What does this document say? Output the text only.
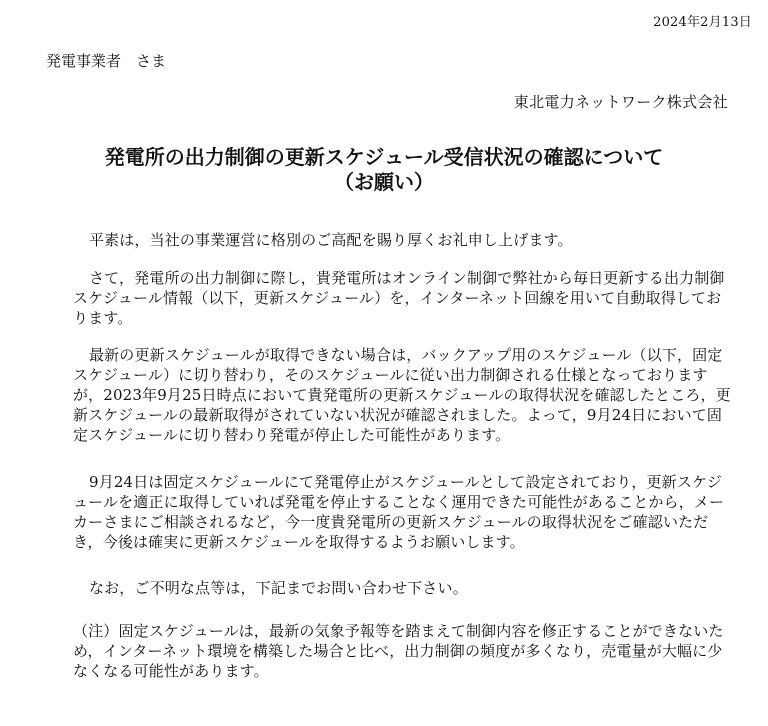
2024年2月13日
発電事業者　さま
東北電力ネットワーク株式会社
発電所の出力制御の更新スケジュール受信状況の確認について
（お願い）

平素は，当社の事業運営に格別のご高配を賜り厚くお礼申し上げます。

さて，発電所の出力制御に際し，貴発電所はオンライン制御で弊社から毎日更新する出力制御スケジュール情報（以下，更新スケジュール）を，インターネット回線を用いて自動取得しております。

最新の更新スケジュールが取得できない場合は，バックアップ用のスケジュール（以下，固定スケジュール）に切り替わり，そのスケジュールに従い出力制御される仕様となっておりますが，2023年9月25日時点において貴発電所の更新スケジュールの取得状況を確認したところ，更新スケジュールの最新取得がされていない状況が確認されました。よって，9月24日において固定スケジュールに切り替わり発電が停止した可能性があります。

9月24日は固定スケジュールにて発電停止がスケジュールとして設定されており，更新スケジュールを適正に取得していれば発電を停止することなく運用できた可能性があることから，メーカーさまにご相談されるなど，今一度貴発電所の更新スケジュールの取得状況をご確認いただき，今後は確実に更新スケジュールを取得するようお願いします。

なお，ご不明な点等は，下記までお問い合わせ下さい。

（注）固定スケジュールは，最新の気象予報等を踏まえて制御内容を修正することができないため，インターネット環境を構築した場合と比べ，出力制御の頻度が多くなり，売電量が大幅に少なくなる可能性があります。
